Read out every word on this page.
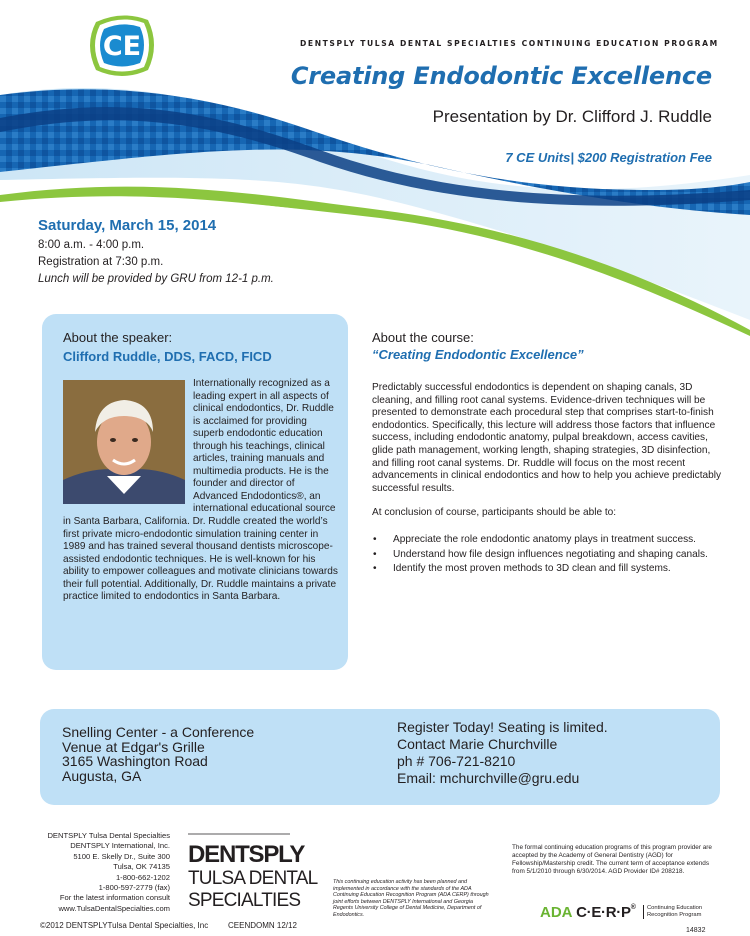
CE	DENTSPLY TULSA DENTAL SPECIALTIES CONTINUING EDUCATION PROGRAM
Creating Endodontic Excellence
Presentation by Dr. Clifford J. Ruddle
7 CE Units| $200 Registration Fee
Saturday, March 15, 2014
8:00 a.m. - 4:00 p.m.
Registration at 7:30 p.m.
Lunch will be provided by GRU from 12-1 p.m.
About the speaker:
Clifford Ruddle, DDS, FACD, FICD
Internationally recognized as a leading expert in all aspects of clinical endodontics, Dr. Ruddle is acclaimed for providing superb endodontic education through his teachings, clinical articles, training manuals and multimedia products. He is the founder and director of Advanced Endodontics®, an international educational source in Santa Barbara, California. Dr. Ruddle created the world’s first private micro-endodontic simulation training center in 1989 and has trained several thousand dentists microscope-assisted endodontic techniques. He is well-known for his ability to empower colleagues and motivate clinicians towards their full potential. Additionally, Dr. Ruddle maintains a private practice limited to endodontics in Santa Barbara.
About the course:
“Creating Endodontic Excellence”
Predictably successful endodontics is dependent on shaping canals, 3D cleaning, and filling root canal systems. Evidence-driven techniques will be presented to demonstrate each procedural step that comprises start-to-finish endodontics. Specifically, this lecture will address those factors that influence success, including endodontic anatomy, pulpal breakdown, access cavities, glide path management, working length, shaping strategies, 3D disinfection, and filling root canal systems. Dr. Ruddle will focus on the most recent advancements in clinical endodontics and how to help you achieve predictably successful results.
At conclusion of course, participants should be able to:
• Appreciate the role endodontic anatomy plays in treatment success.
• Understand how file design influences negotiating and shaping canals.
• Identify the most proven methods to 3D clean and fill systems.
Snelling Center - a Conference
Venue at Edgar's Grille
3165 Washington Road
Augusta, GA
Register Today! Seating is limited.
Contact Marie Churchville
ph # 706-721-8210
Email: mchurchville@gru.edu
DENTSPLY Tulsa Dental Specialties
DENTSPLY International, Inc.
5100 E. Skelly Dr., Suite 300
Tulsa, OK 74135
1-800-662-1202
1-800-597-2779 (fax)
For the latest information consult
www.TulsaDentalSpecialties.com
©2012 DENTSPLYTulsa Dental Specialties, Inc CEENDOMN 12/12
DENTSPLY
TULSA DENTAL
SPECIALTIES
This continuing education activity has been planned and implemented in accordance with the standards of the ADA Continuing Education Recognition Program (ADA CERP) through joint efforts between DENTSPLY International and Georgia Regents University College of Dental Medicine, Department of Endodontics.
The formal continuing education programs of this program provider are accepted by the Academy of General Dentistry (AGD) for Fellowship/Mastership credit. The current term of acceptance extends from 5/1/2010 through 6/30/2014. AGD Provider ID# 208218.
ADA C·E·R·P® Continuing Education
Recognition Program
14832
